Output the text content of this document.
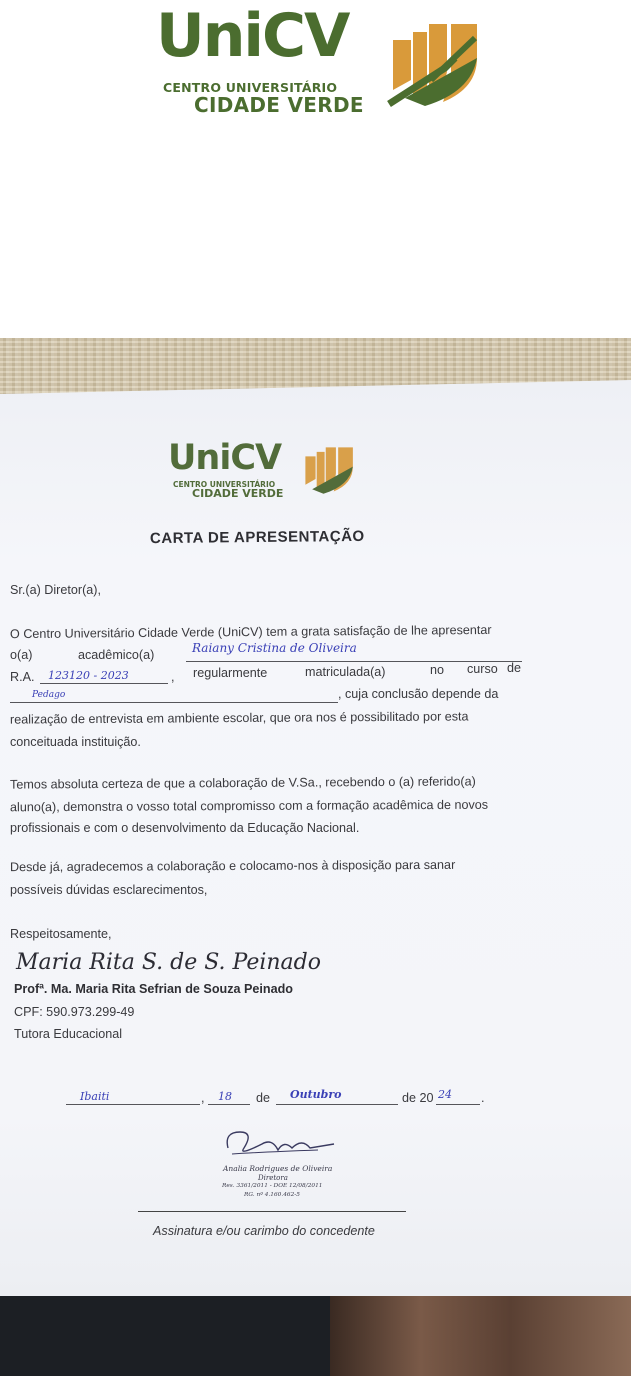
UniCV
CENTRO UNIVERSITÁRIO
CIDADE VERDE
UniCV
CENTRO UNIVERSITÁRIO
CIDADE VERDE
CARTA DE APRESENTAÇÃO
Sr.(a) Diretor(a),
O Centro Universitário Cidade Verde (UniCV) tem a grata satisfação de lhe apresentar
o(a)	acadêmico(a)	Raiany Cristina de Oliveira
R.A. 123120 - 2023	, regularmente	matriculada(a)	no curso de
Pedago	, cuja conclusão depende da
realização de entrevista em ambiente escolar, que ora nos é possibilitado por esta
conceituada instituição.
Temos absoluta certeza de que a colaboração de V.Sa., recebendo o (a) referido(a)
aluno(a), demonstra o vosso total compromisso com a formação acadêmica de novos
profissionais e com o desenvolvimento da Educação Nacional.
Desde já, agradecemos a colaboração e colocamo-nos à disposição para sanar
possíveis dúvidas esclarecimentos,
Respeitosamente,
Maria Rita S. de S. Peinado
Profª. Ma. Maria Rita Sefrian de Souza Peinado
CPF: 590.973.299-49
Tutora Educacional
Ibaiti	, 18 de Outubro	de 20 24 .
Analia Rodrigues de Oliveira
Diretora
Res. 3361/2011 - DOE 12/08/2011
RG. nº 4.160.462-5
Assinatura e/ou carimbo do concedente
